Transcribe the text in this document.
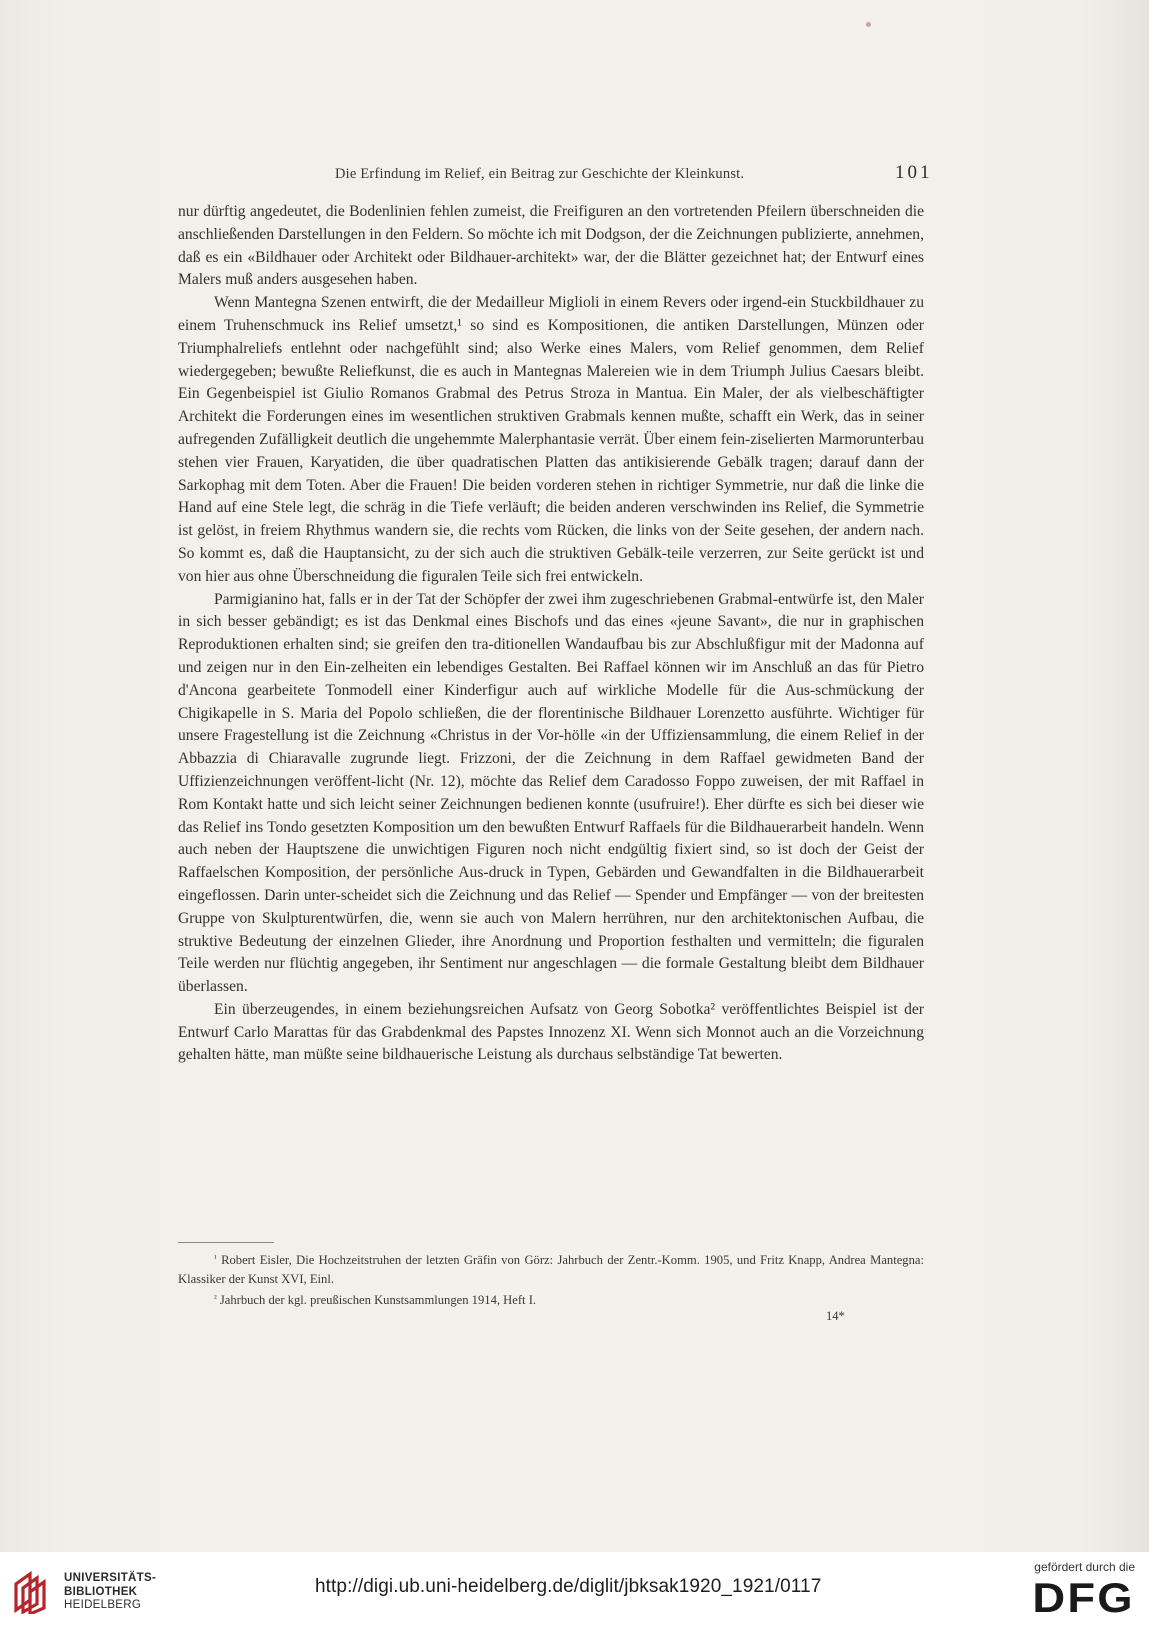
Die Erfindung im Relief, ein Beitrag zur Geschichte der Kleinkunst.	101

nur dürftig angedeutet, die Bodenlinien fehlen zumeist, die Freifiguren an den vortretenden Pfeilern überschneiden die anschließenden Darstellungen in den Feldern. So möchte ich mit Dodgson, der die Zeichnungen publizierte, annehmen, daß es ein «Bildhauer oder Architekt oder Bildhauer-architekt» war, der die Blätter gezeichnet hat; der Entwurf eines Malers muß anders ausgesehen haben.

Wenn Mantegna Szenen entwirft, die der Medailleur Miglioli in einem Revers oder irgend-ein Stuckbildhauer zu einem Truhenschmuck ins Relief umsetzt,¹ so sind es Kompositionen, die antiken Darstellungen, Münzen oder Triumphalreliefs entlehnt oder nachgefühlt sind; also Werke eines Malers, vom Relief genommen, dem Relief wiedergegeben; bewußte Reliefkunst, die es auch in Mantegnas Malereien wie in dem Triumph Julius Caesars bleibt. Ein Gegenbeispiel ist Giulio Romanos Grabmal des Petrus Stroza in Mantua. Ein Maler, der als vielbeschäftigter Architekt die Forderungen eines im wesentlichen struktiven Grabmals kennen mußte, schafft ein Werk, das in seiner aufregenden Zufälligkeit deutlich die ungehemmte Malerphantasie verrät. Über einem fein-ziselierten Marmorunterbau stehen vier Frauen, Karyatiden, die über quadratischen Platten das antikisierende Gebälk tragen; darauf dann der Sarkophag mit dem Toten. Aber die Frauen! Die beiden vorderen stehen in richtiger Symmetrie, nur daß die linke die Hand auf eine Stele legt, die schräg in die Tiefe verläuft; die beiden anderen verschwinden ins Relief, die Symmetrie ist gelöst, in freiem Rhythmus wandern sie, die rechts vom Rücken, die links von der Seite gesehen, der andern nach. So kommt es, daß die Hauptansicht, zu der sich auch die struktiven Gebälk-teile verzerren, zur Seite gerückt ist und von hier aus ohne Überschneidung die figuralen Teile sich frei entwickeln.

Parmigianino hat, falls er in der Tat der Schöpfer der zwei ihm zugeschriebenen Grabmal-entwürfe ist, den Maler in sich besser gebändigt; es ist das Denkmal eines Bischofs und das eines «jeune Savant», die nur in graphischen Reproduktionen erhalten sind; sie greifen den tra-ditionellen Wandaufbau bis zur Abschlußfigur mit der Madonna auf und zeigen nur in den Ein-zelheiten ein lebendiges Gestalten. Bei Raffael können wir im Anschluß an das für Pietro d'Ancona gearbeitete Tonmodell einer Kinderfigur auch auf wirkliche Modelle für die Aus-schmückung der Chigikapelle in S. Maria del Popolo schließen, die der florentinische Bildhauer Lorenzetto ausführte. Wichtiger für unsere Fragestellung ist die Zeichnung «Christus in der Vor-hölle «in der Uffiziensammlung, die einem Relief in der Abbazzia di Chiaravalle zugrunde liegt. Frizzoni, der die Zeichnung in dem Raffael gewidmeten Band der Uffizienzeichnungen veröffent-licht (Nr. 12), möchte das Relief dem Caradosso Foppo zuweisen, der mit Raffael in Rom Kontakt hatte und sich leicht seiner Zeichnungen bedienen konnte (usufruire!). Eher dürfte es sich bei dieser wie das Relief ins Tondo gesetzten Komposition um den bewußten Entwurf Raffaels für die Bildhauerarbeit handeln. Wenn auch neben der Hauptszene die unwichtigen Figuren noch nicht endgültig fixiert sind, so ist doch der Geist der Raffaelschen Komposition, der persönliche Aus-druck in Typen, Gebärden und Gewandfalten in die Bildhauerarbeit eingeflossen. Darin unter-scheidet sich die Zeichnung und das Relief — Spender und Empfänger — von der breitesten Gruppe von Skulpturentwürfen, die, wenn sie auch von Malern herrühren, nur den architektonischen Aufbau, die struktive Bedeutung der einzelnen Glieder, ihre Anordnung und Proportion festhalten und vermitteln; die figuralen Teile werden nur flüchtig angegeben, ihr Sentiment nur angeschlagen — die formale Gestaltung bleibt dem Bildhauer überlassen.

Ein überzeugendes, in einem beziehungsreichen Aufsatz von Georg Sobotka² veröffentlichtes Beispiel ist der Entwurf Carlo Marattas für das Grabdenkmal des Papstes Innozenz XI. Wenn sich Monnot auch an die Vorzeichnung gehalten hätte, man müßte seine bildhauerische Leistung als durchaus selbständige Tat bewerten.

$^{^1}$ Robert Eisler, Die Hochzeitstruhen der letzten Gräfin von Görz: Jahrbuch der Zentr.-Komm. 1905, und Fritz Knapp, Andrea Mantegna: Klassiker der Kunst XVI, Einl.

$^{^2}$ Jahrbuch der kgl. preußischen Kunstsammlungen 1914, Heft I.

14*
UNIVERSITÄTS-
BIBLIOTHEK
HEIDELBERG
http://digi.ub.uni-heidelberg.de/diglit/jbksak1920_1921/0117
gefördert durch die
DFG
